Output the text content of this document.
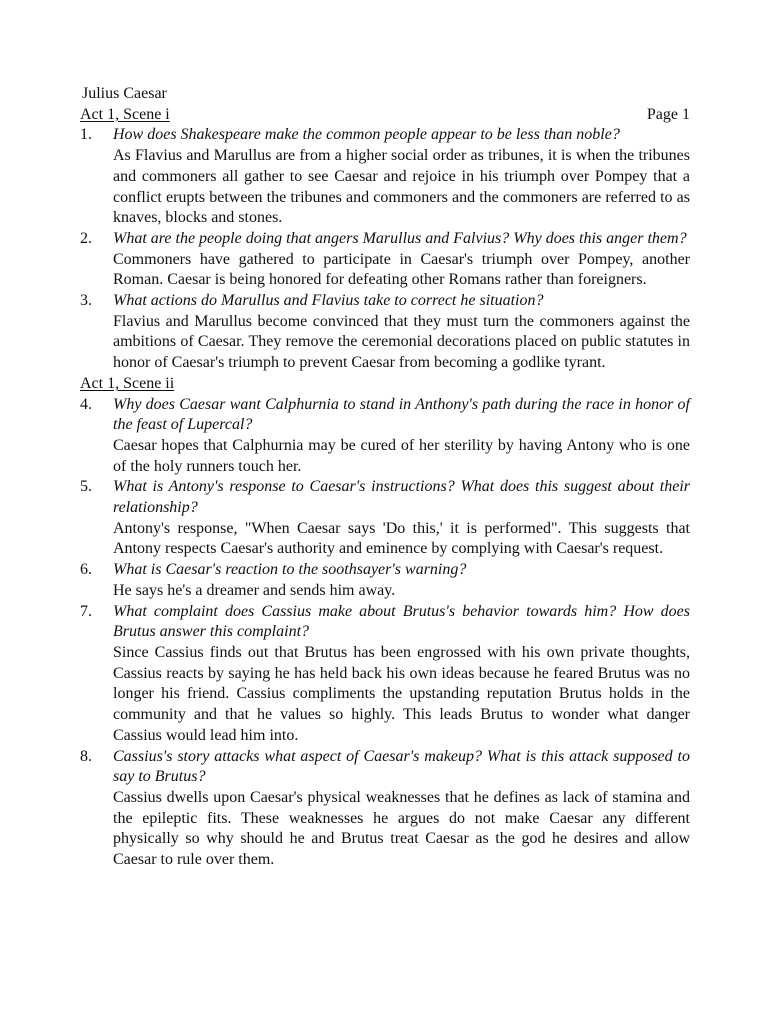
Julius Caesar
Act 1, Scene i	Page 1
1.	How does Shakespeare make the common people appear to be less than noble?
As Flavius and Marullus are from a higher social order as tribunes, it is when the tribunes and commoners all gather to see Caesar and rejoice in his triumph over Pompey that a conflict erupts between the tribunes and commoners and the commoners are referred to as knaves, blocks and stones.
2.	What are the people doing that angers Marullus and Falvius? Why does this anger them?
Commoners have gathered to participate in Caesar's triumph over Pompey, another Roman. Caesar is being honored for defeating other Romans rather than foreigners.
3.	What actions do Marullus and Flavius take to correct he situation?
Flavius and Marullus become convinced that they must turn the commoners against the ambitions of Caesar. They remove the ceremonial decorations placed on public statutes in honor of Caesar's triumph to prevent Caesar from becoming a godlike tyrant.
Act 1, Scene ii
4.	Why does Caesar want Calphurnia to stand in Anthony's path during the race in honor of the feast of Lupercal?
Caesar hopes that Calphurnia may be cured of her sterility by having Antony who is one of the holy runners touch her.
5.	What is Antony's response to Caesar's instructions? What does this suggest about their relationship?
Antony's response, "When Caesar says 'Do this,' it is performed". This suggests that Antony respects Caesar's authority and eminence by complying with Caesar's request.
6.	What is Caesar's reaction to the soothsayer's warning?
He says he's a dreamer and sends him away.
7.	What complaint does Cassius make about Brutus's behavior towards him? How does Brutus answer this complaint?
Since Cassius finds out that Brutus has been engrossed with his own private thoughts, Cassius reacts by saying he has held back his own ideas because he feared Brutus was no longer his friend. Cassius compliments the upstanding reputation Brutus holds in the community and that he values so highly. This leads Brutus to wonder what danger Cassius would lead him into.
8.	Cassius's story attacks what aspect of Caesar's makeup? What is this attack supposed to say to Brutus?
Cassius dwells upon Caesar's physical weaknesses that he defines as lack of stamina and the epileptic fits. These weaknesses he argues do not make Caesar any different physically so why should he and Brutus treat Caesar as the god he desires and allow Caesar to rule over them.
